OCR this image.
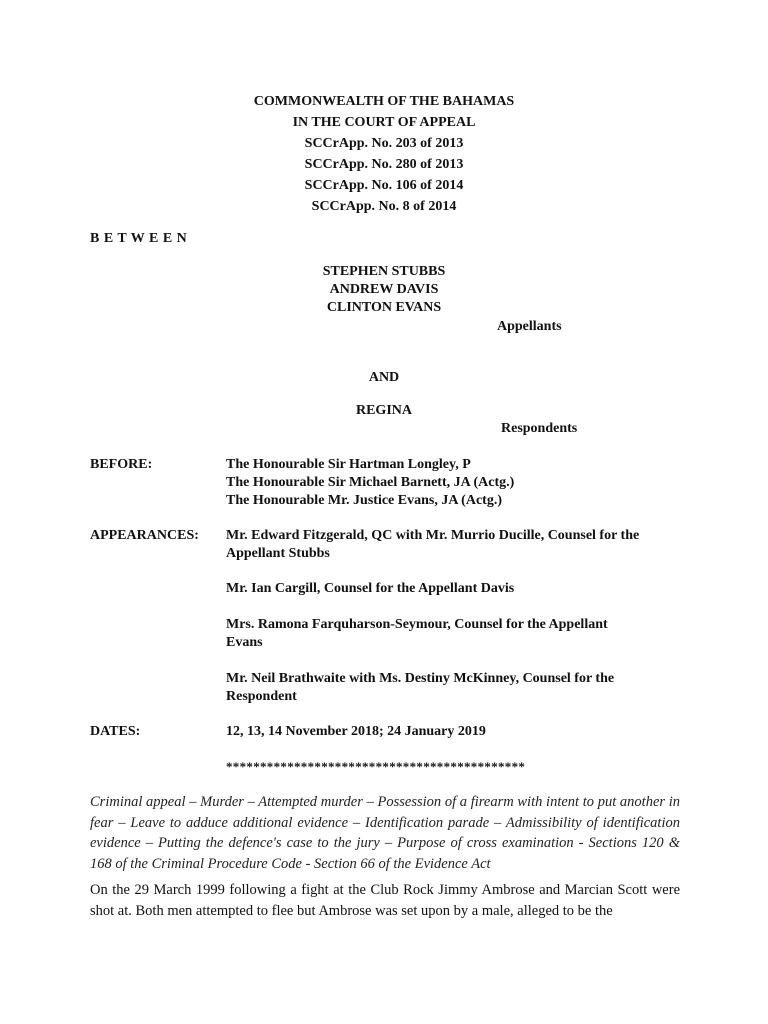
COMMONWEALTH OF THE BAHAMAS
IN THE COURT OF APPEAL
SCCrApp. No. 203 of 2013
SCCrApp. No. 280 of 2013
SCCrApp. No. 106 of 2014
SCCrApp. No. 8 of 2014
B E T W E E N
STEPHEN STUBBS
ANDREW DAVIS
CLINTON EVANS
Appellants
AND
REGINA
Respondents
BEFORE:	The Honourable Sir Hartman Longley, P
The Honourable Sir Michael Barnett, JA (Actg.)
The Honourable Mr. Justice Evans, JA (Actg.)
APPEARANCES: Mr. Edward Fitzgerald, QC with Mr. Murrio Ducille, Counsel for the
Appellant Stubbs
Mr. Ian Cargill, Counsel for the Appellant Davis
Mrs. Ramona Farquharson-Seymour, Counsel for the Appellant
Evans
Mr. Neil Brathwaite with Ms. Destiny McKinney, Counsel for the
Respondent
DATES:	12, 13, 14 November 2018; 24 January 2019
********************************************
Criminal appeal – Murder – Attempted murder – Possession of a firearm with intent to put another in fear – Leave to adduce additional evidence – Identification parade – Admissibility of identification evidence – Putting the defence's case to the jury – Purpose of cross examination - Sections 120 & 168 of the Criminal Procedure Code - Section 66 of the Evidence Act
On the 29 March 1999 following a fight at the Club Rock Jimmy Ambrose and Marcian Scott were shot at. Both men attempted to flee but Ambrose was set upon by a male, alleged to be the
